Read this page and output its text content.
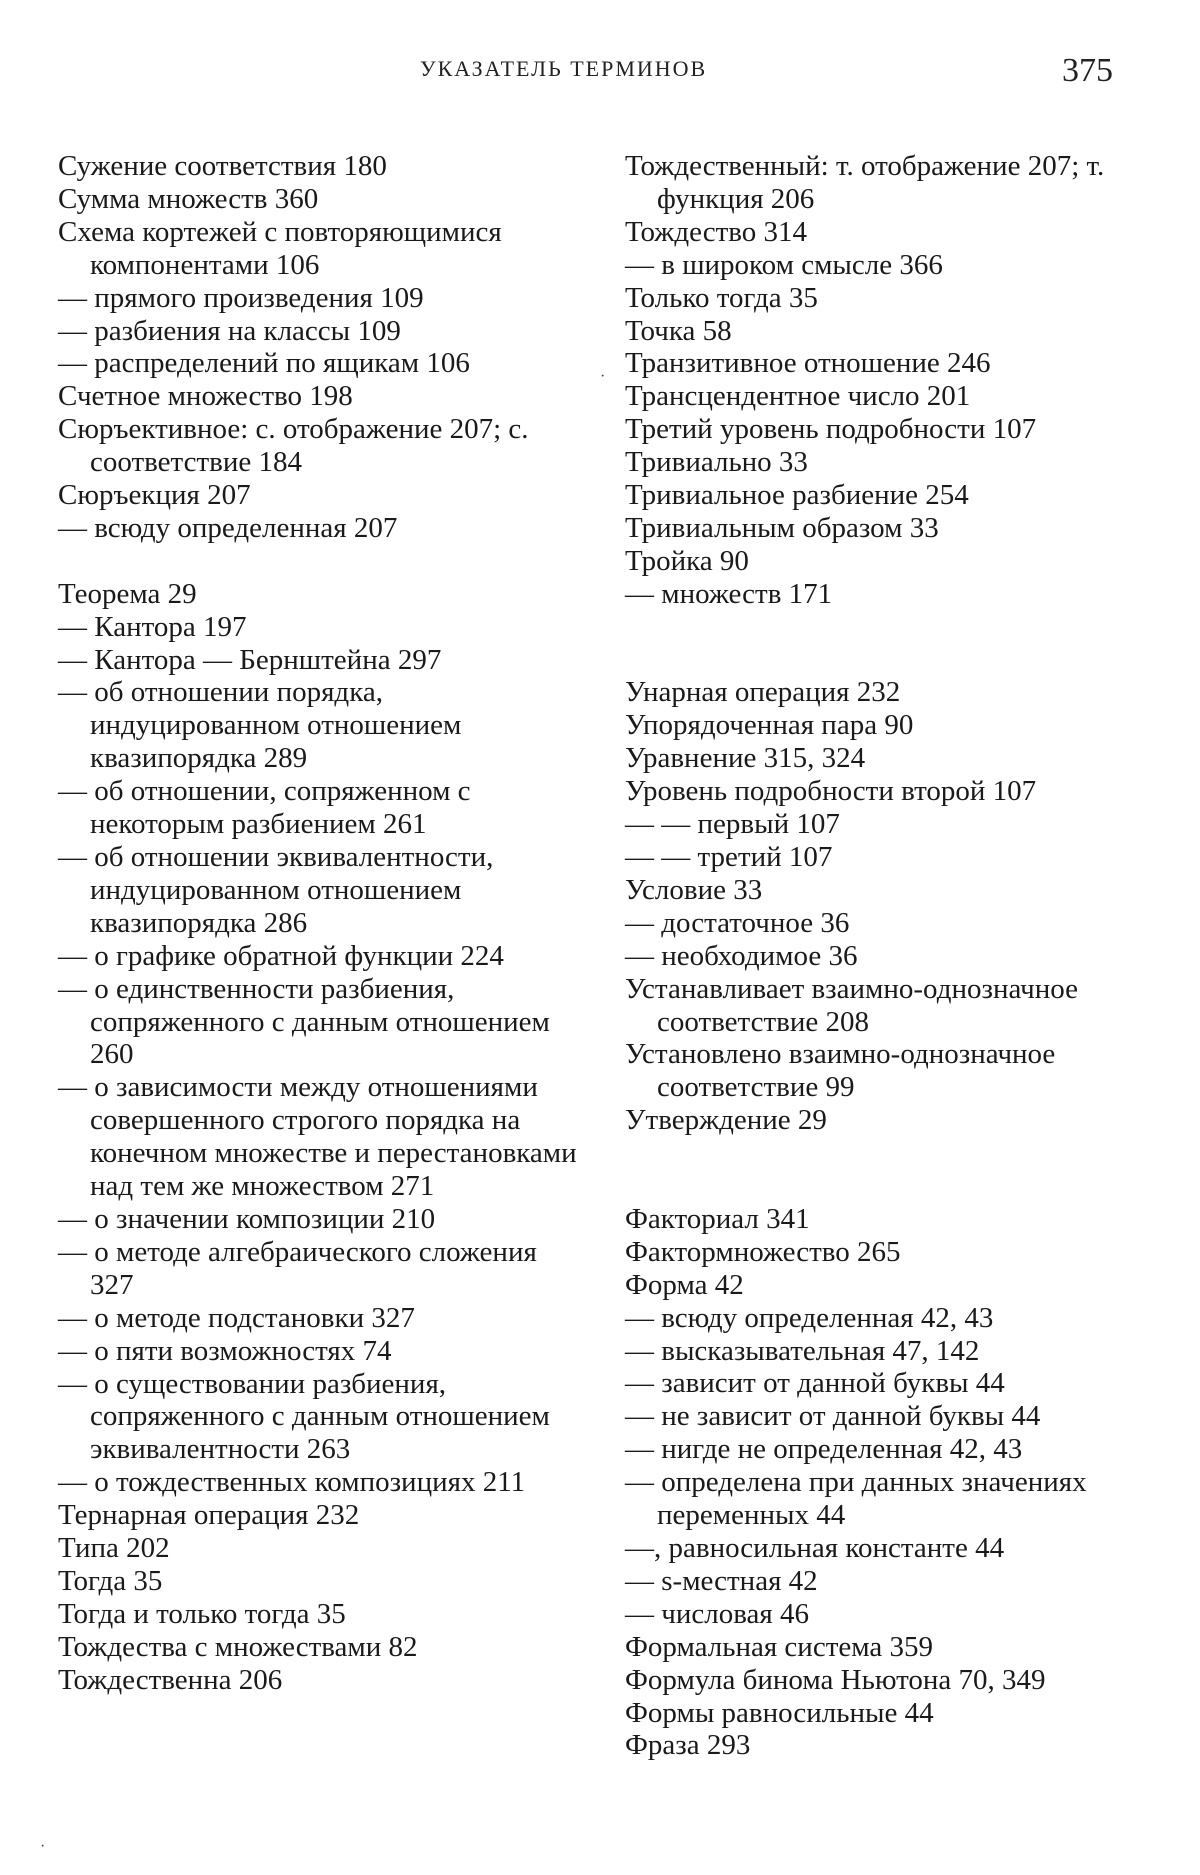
УКАЗАТЕЛЬ ТЕРМИНОВ	375
Сужение соответствия 180
Сумма множеств 360
Схема кортежей с повторяющимися компонентами 106
— прямого произведения 109
— разбиения на классы 109
— распределений по ящикам 106
Счетное множество 198
Сюръективное: с. отображение 207; с. соответствие 184
Сюръекция 207
— всюду определенная 207
Теорема 29
— Кантора 197
— Кантора — Бернштейна 297
— об отношении порядка, индуцированном отношением квазипорядка 289
— об отношении, сопряженном с некоторым разбиением 261
— об отношении эквивалентности, индуцированном отношением квазипорядка 286
— о графике обратной функции 224
— о единственности разбиения, сопряженного с данным отношением 260
— о зависимости между отношениями совершенного строгого порядка на конечном множестве и перестановками над тем же множеством 271
— о значении композиции 210
— о методе алгебраического сложения 327
— о методе подстановки 327
— о пяти возможностях 74
— о существовании разбиения, сопряженного с данным отношением эквивалентности 263
— о тождественных композициях 211
Тернарная операция 232
Типа 202
Тогда 35
Тогда и только тогда 35
Тождества с множествами 82
Тождественна 206
Тождественный: т. отображение 207; т. функция 206
Тождество 314
— в широком смысле 366
Только тогда 35
Точка 58
Транзитивное отношение 246
Трансцендентное число 201
Третий уровень подробности 107
Тривиально 33
Тривиальное разбиение 254
Тривиальным образом 33
Тройка 90
— множеств 171
Унарная операция 232
Упорядоченная пара 90
Уравнение 315, 324
Уровень подробности второй 107
— — первый 107
— — третий 107
Условие 33
— достаточное 36
— необходимое 36
Устанавливает взаимно-однозначное соответствие 208
Установлено взаимно-однозначное соответствие 99
Утверждение 29
Факториал 341
Фактормножество 265
Форма 42
— всюду определенная 42, 43
— высказывательная 47, 142
— зависит от данной буквы 44
— не зависит от данной буквы 44
— нигде не определенная 42, 43
— определена при данных значениях переменных 44
—, равносильная константе 44
— s-местная 42
— числовая 46
Формальная система 359
Формула бинома Ньютона 70, 349
Формы равносильные 44
Фраза 293
·
·
